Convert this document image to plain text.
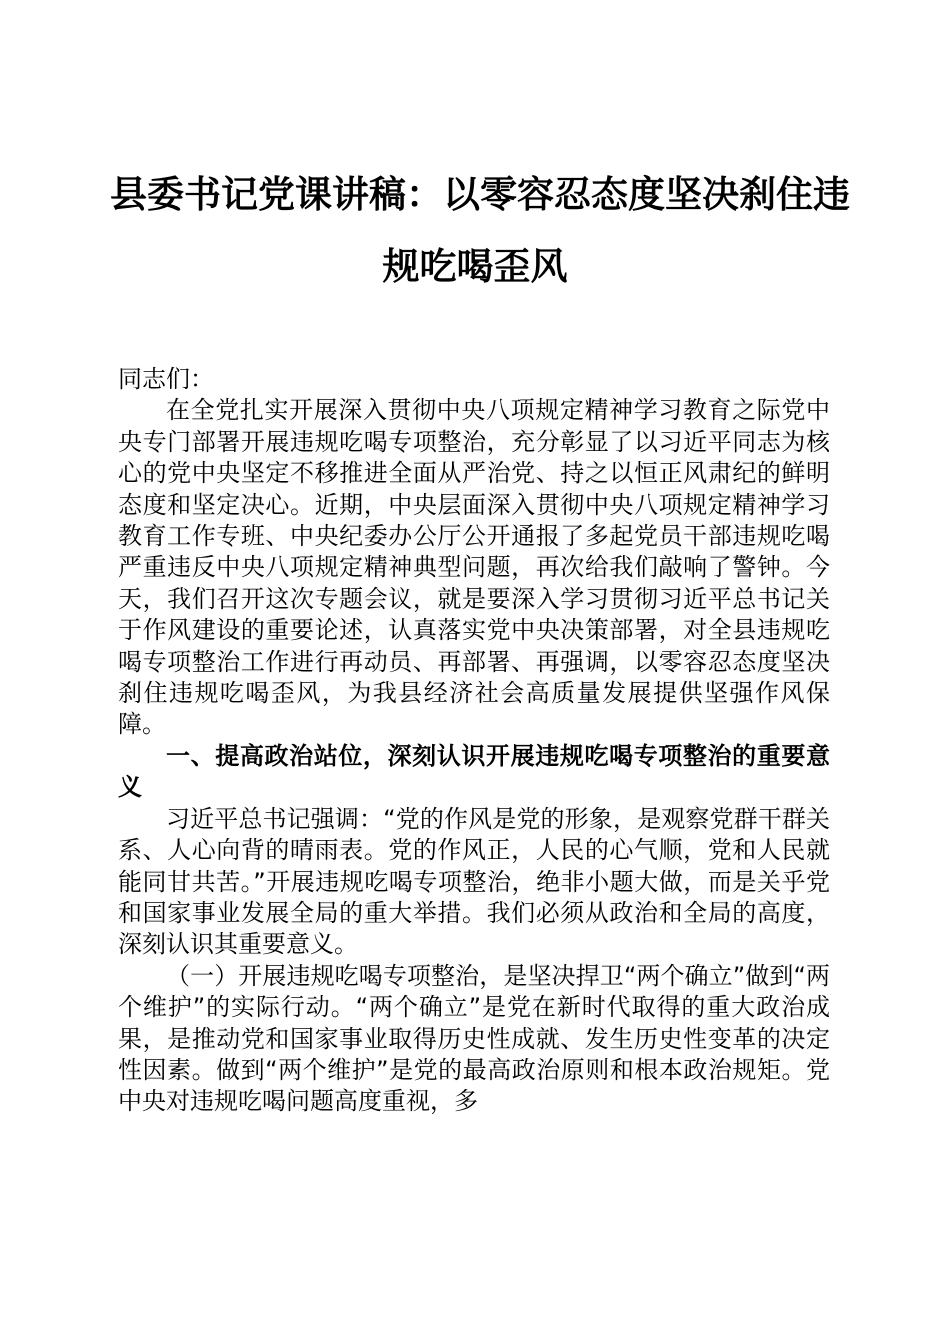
县委书记党课讲稿：以零容忍态度坚决刹住违
规吃喝歪风

同志们：

在全党扎实开展深入贯彻中央八项规定精神学习教育之际党中央专门部署开展违规吃喝专项整治，充分彰显了以习近平同志为核心的党中央坚定不移推进全面从严治党、持之以恒正风肃纪的鲜明态度和坚定决心。近期，中央层面深入贯彻中央八项规定精神学习教育工作专班、中央纪委办公厅公开通报了多起党员干部违规吃喝严重违反中央八项规定精神典型问题，再次给我们敲响了警钟。今天，我们召开这次专题会议，就是要深入学习贯彻习近平总书记关于作风建设的重要论述，认真落实党中央决策部署，对全县违规吃喝专项整治工作进行再动员、再部署、再强调，以零容忍态度坚决刹住违规吃喝歪风，为我县经济社会高质量发展提供坚强作风保障。

一、提高政治站位，深刻认识开展违规吃喝专项整治的重要意义

习近平总书记强调：“党的作风是党的形象，是观察党群干群关系、人心向背的晴雨表。党的作风正，人民的心气顺，党和人民就能同甘共苦。”开展违规吃喝专项整治，绝非小题大做，而是关乎党和国家事业发展全局的重大举措。我们必须从政治和全局的高度，深刻认识其重要意义。

（一）开展违规吃喝专项整治，是坚决捍卫“两个确立”做到“两个维护”的实际行动。“两个确立”是党在新时代取得的重大政治成果，是推动党和国家事业取得历史性成就、发生历史性变革的决定性因素。做到“两个维护”是党的最高政治原则和根本政治规矩。党中央对违规吃喝问题高度重视，多
